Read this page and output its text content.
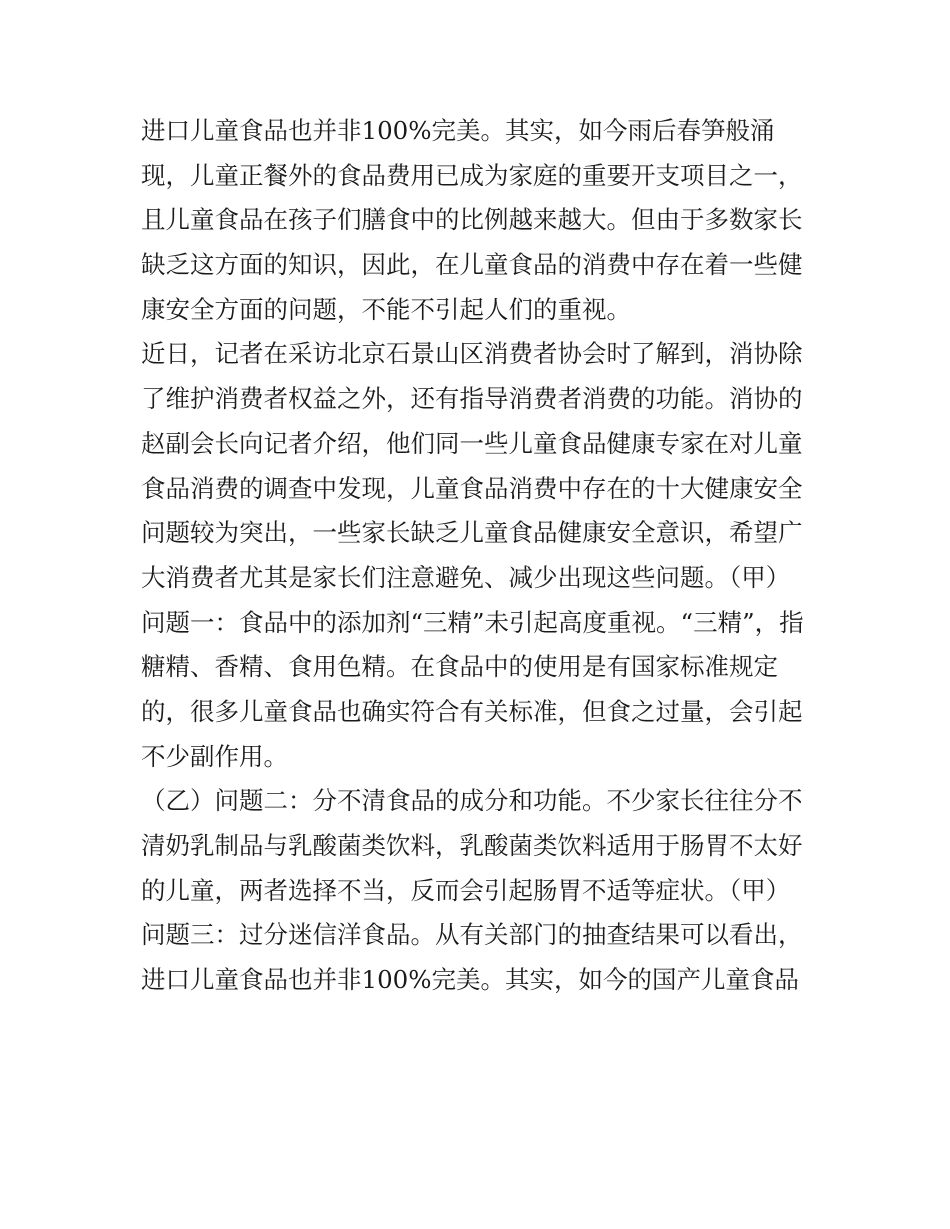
进口儿童食品也并非100%完美。其实，如今雨后春笋般涌
现，儿童正餐外的食品费用已成为家庭的重要开支项目之一，
且儿童食品在孩子们膳食中的比例越来越大。但由于多数家长
缺乏这方面的知识，因此，在儿童食品的消费中存在着一些健
康安全方面的问题，不能不引起人们的重视。
近日，记者在采访北京石景山区消费者协会时了解到，消协除
了维护消费者权益之外，还有指导消费者消费的功能。消协的
赵副会长向记者介绍，他们同一些儿童食品健康专家在对儿童
食品消费的调查中发现，儿童食品消费中存在的十大健康安全
问题较为突出，一些家长缺乏儿童食品健康安全意识，希望广
大消费者尤其是家长们注意避免、减少出现这些问题。（甲）
问题一：食品中的添加剂“三精”未引起高度重视。“三精”，指
糖精、香精、食用色精。在食品中的使用是有国家标准规定
的，很多儿童食品也确实符合有关标准，但食之过量，会引起
不少副作用。
（乙）问题二：分不清食品的成分和功能。不少家长往往分不
清奶乳制品与乳酸菌类饮料，乳酸菌类饮料适用于肠胃不太好
的儿童，两者选择不当，反而会引起肠胃不适等症状。（甲）
问题三：过分迷信洋食品。从有关部门的抽查结果可以看出，
进口儿童食品也并非100%完美。其实，如今的国产儿童食品
